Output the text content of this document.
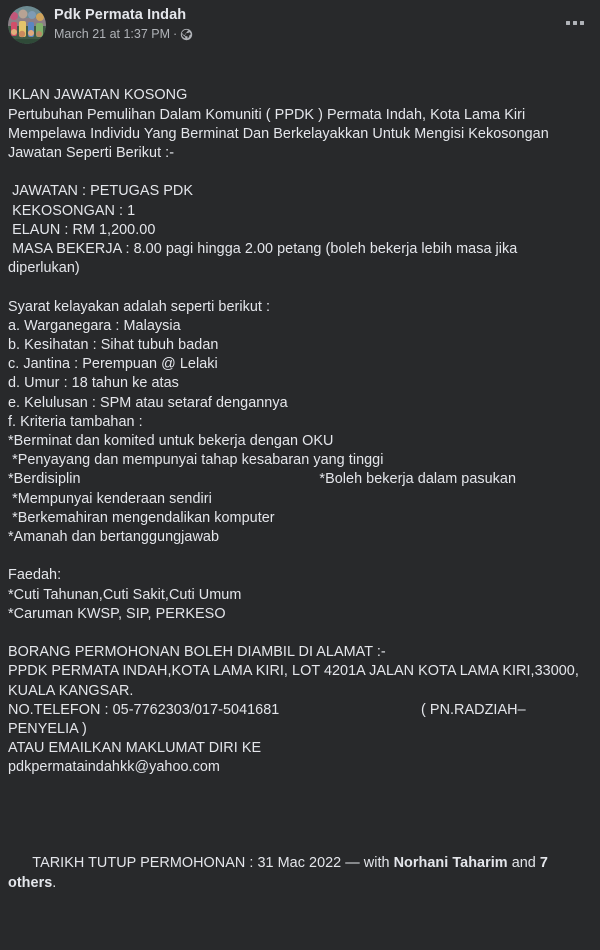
Pdk Permata Indah
March 21 at 1:37 PM ·

IKLAN JAWATAN KOSONG
Pertubuhan Pemulihan Dalam Komuniti ( PPDK ) Permata Indah, Kota Lama Kiri Mempelawa Individu Yang Berminat Dan Berkelayakkan Untuk Mengisi Kekosongan Jawatan Seperti Berikut :-
JAWATAN : PETUGAS PDK
KEKOSONGAN : 1
ELAUN : RM 1,200.00
MASA BEKERJA : 8.00 pagi hingga 2.00 petang (boleh bekerja lebih masa jika diperlukan)
Syarat kelayakan adalah seperti berikut :
a. Warganegara : Malaysia
b. Kesihatan : Sihat tubuh badan
c. Jantina : Perempuan @ Lelaki
d. Umur : 18 tahun ke atas
e. Kelulusan : SPM atau setaraf dengannya
f. Kriteria tambahan :
*Berminat dan komited untuk bekerja dengan OKU
*Penyayang dan mempunyai tahap kesabaran yang tinggi
*Berdisiplin                                                           *Boleh bekerja dalam pasukan
*Mempunyai kenderaan sendiri
*Berkemahiran mengendalikan komputer
*Amanah dan bertanggungjawab
Faedah:
*Cuti Tahunan,Cuti Sakit,Cuti Umum
*Caruman KWSP, SIP, PERKESO
BORANG PERMOHONAN BOLEH DIAMBIL DI ALAMAT :-
PPDK PERMATA INDAH,KOTA LAMA KIRI, LOT 4201A JALAN KOTA LAMA KIRI,33000, KUALA KANGSAR.
NO.TELEFON : 05-7762303/017-5041681                                   ( PN.RADZIAH–PENYELIA )
ATAU EMAILKAN MAKLUMAT DIRI KE
pdkpermataindahkk@yahoo.com

TARIKH TUTUP PERMOHONAN : 31 Mac 2022 — with Norhani Taharim and 7 others.
